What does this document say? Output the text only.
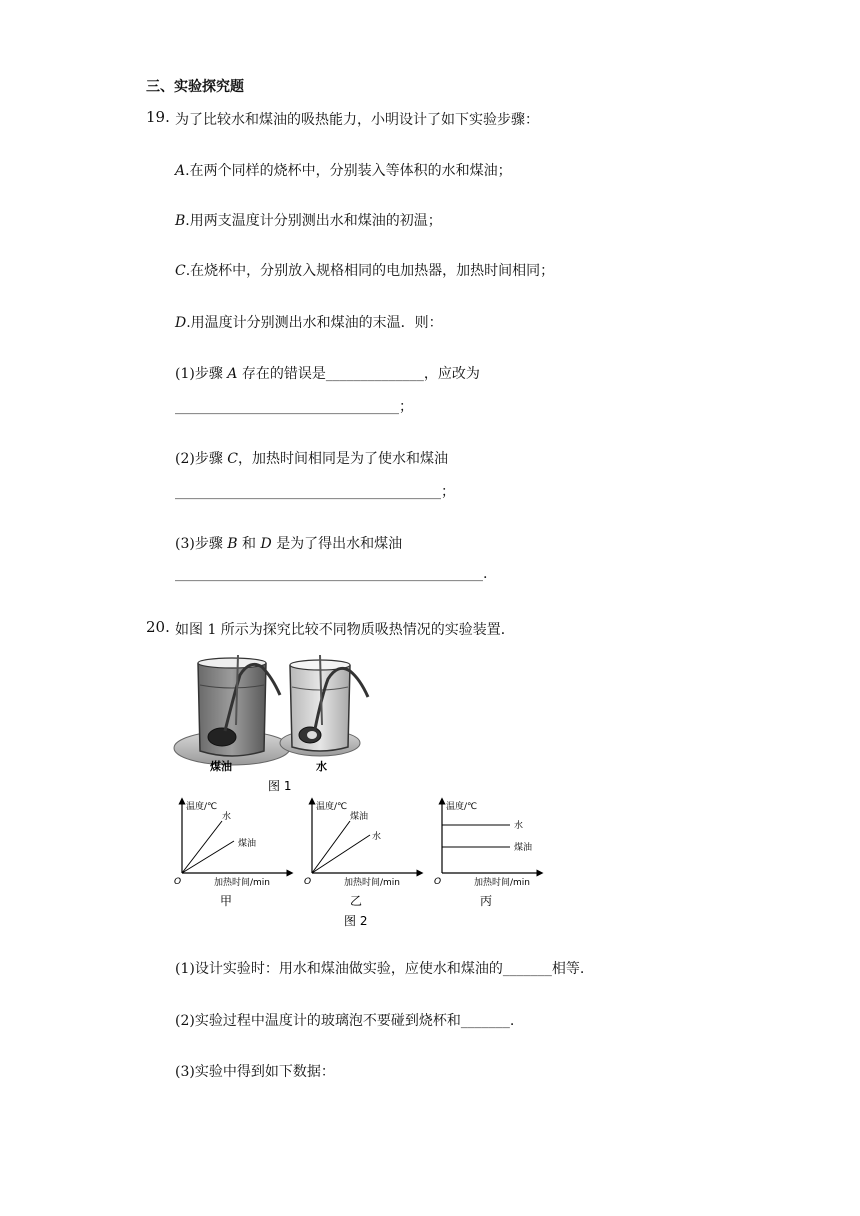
三、实验探究题
19. 为了比较水和煤油的吸热能力，小明设计了如下实验步骤：
A.在两个同样的烧杯中，分别装入等体积的水和煤油；
B.用两支温度计分别测出水和煤油的初温；
C.在烧杯中，分别放入规格相同的电加热器，加热时间相同；
D.用温度计分别测出水和煤油的末温．则：
(1)步骤 A 存在的错误是______________，应改为
________________________________；
(2)步骤 C，加热时间相同是为了使水和煤油
______________________________________；
(3)步骤 B 和 D 是为了得出水和煤油
____________________________________________.
20. 如图 1 所示为探究比较不同物质吸热情况的实验装置．
煤油	水
图 1
温度/℃
水
煤油
O	加热时间/min
甲
温度/℃
煤油
水
O	加热时间/min
乙
温度/℃
水
煤油
O	加热时间/min
丙
图 2
(1)设计实验时：用水和煤油做实验，应使水和煤油的_______相等.
(2)实验过程中温度计的玻璃泡不要碰到烧杯和_______.
(3)实验中得到如下数据：
